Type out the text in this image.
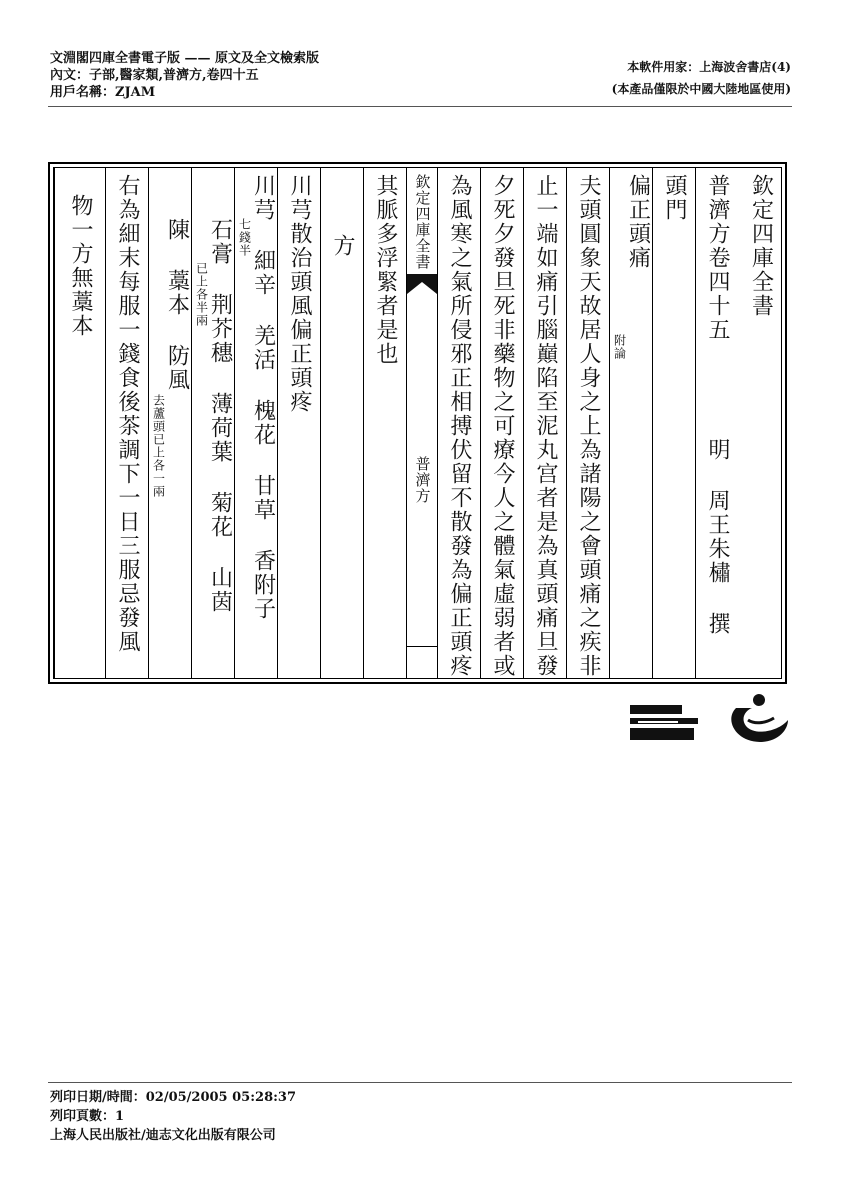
文淵閣四庫全書電子版 —— 原文及全文檢索版
內文：子部,醫家類,普濟方,卷四十五
用戶名稱：ZJAM
本軟件用家：上海波舍書店(4)
(本產品僅限於中國大陸地區使用)
欽定四庫全書
普濟方卷四十五
明 周王朱橚 撰
頭門
偏正頭痛
附論
夫頭圓象天故居人身之上為諸陽之會頭痛之疾非
止一端如痛引腦巔陷至泥丸宫者是為真頭痛旦發
夕死夕發旦死非藥物之可療今人之體氣虛弱者或
為風寒之氣所侵邪正相搏伏留不散發為偏正頭疼
欽定四庫全書
普濟方
其脈多浮緊者是也
方
川芎散治頭風偏正頭疼
川芎 細辛 羌活 槐花 甘草 香附子
七錢半
石膏 荆芥穗 薄荷葉 菊花 山茵
已上各半兩
陳 藁本 防風
去蘆頭已上各一兩
右為細末每服一錢食後茶調下一日三服忌發風
物一方無藁本
列印日期/時間：02/05/2005 05:28:37
列印頁數：1
上海人民出版社/迪志文化出版有限公司
